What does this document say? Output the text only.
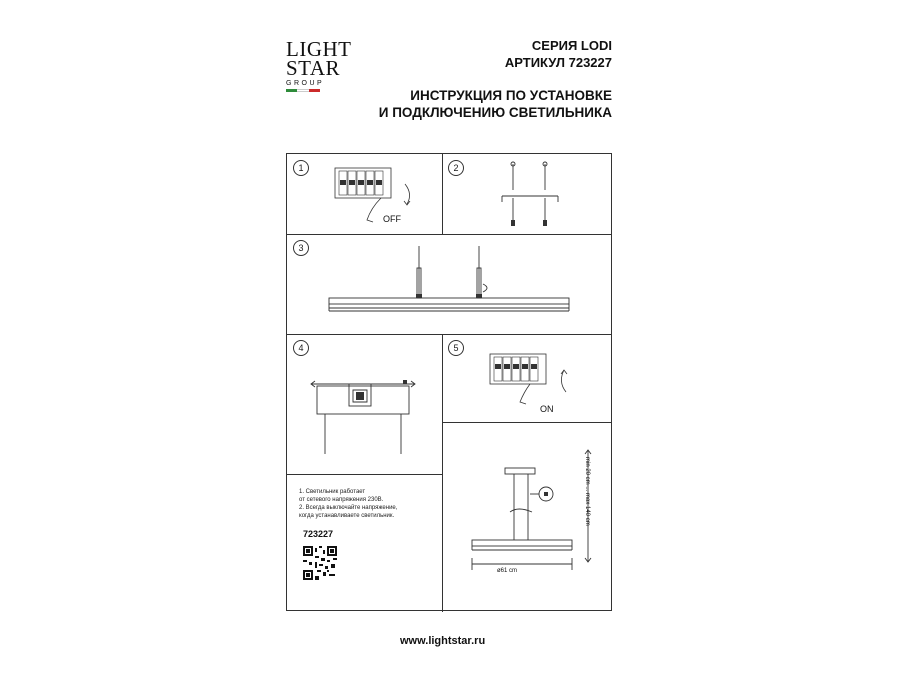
LIGHT
STAR
GROUP
СЕРИЯ LODI
АРТИКУЛ 723227
ИНСТРУКЦИЯ ПО УСТАНОВКЕ
И ПОДКЛЮЧЕНИЮ СВЕТИЛЬНИКА
1
OFF
2
3
4	5
ON
ø61 cm
min 20 cm ... max 140 cm
1. Светильник работает
от сетевого напряжения 230В.
2. Всегда выключайте напряжение,
когда устанавливаете светильник.
723227
www.lightstar.ru
